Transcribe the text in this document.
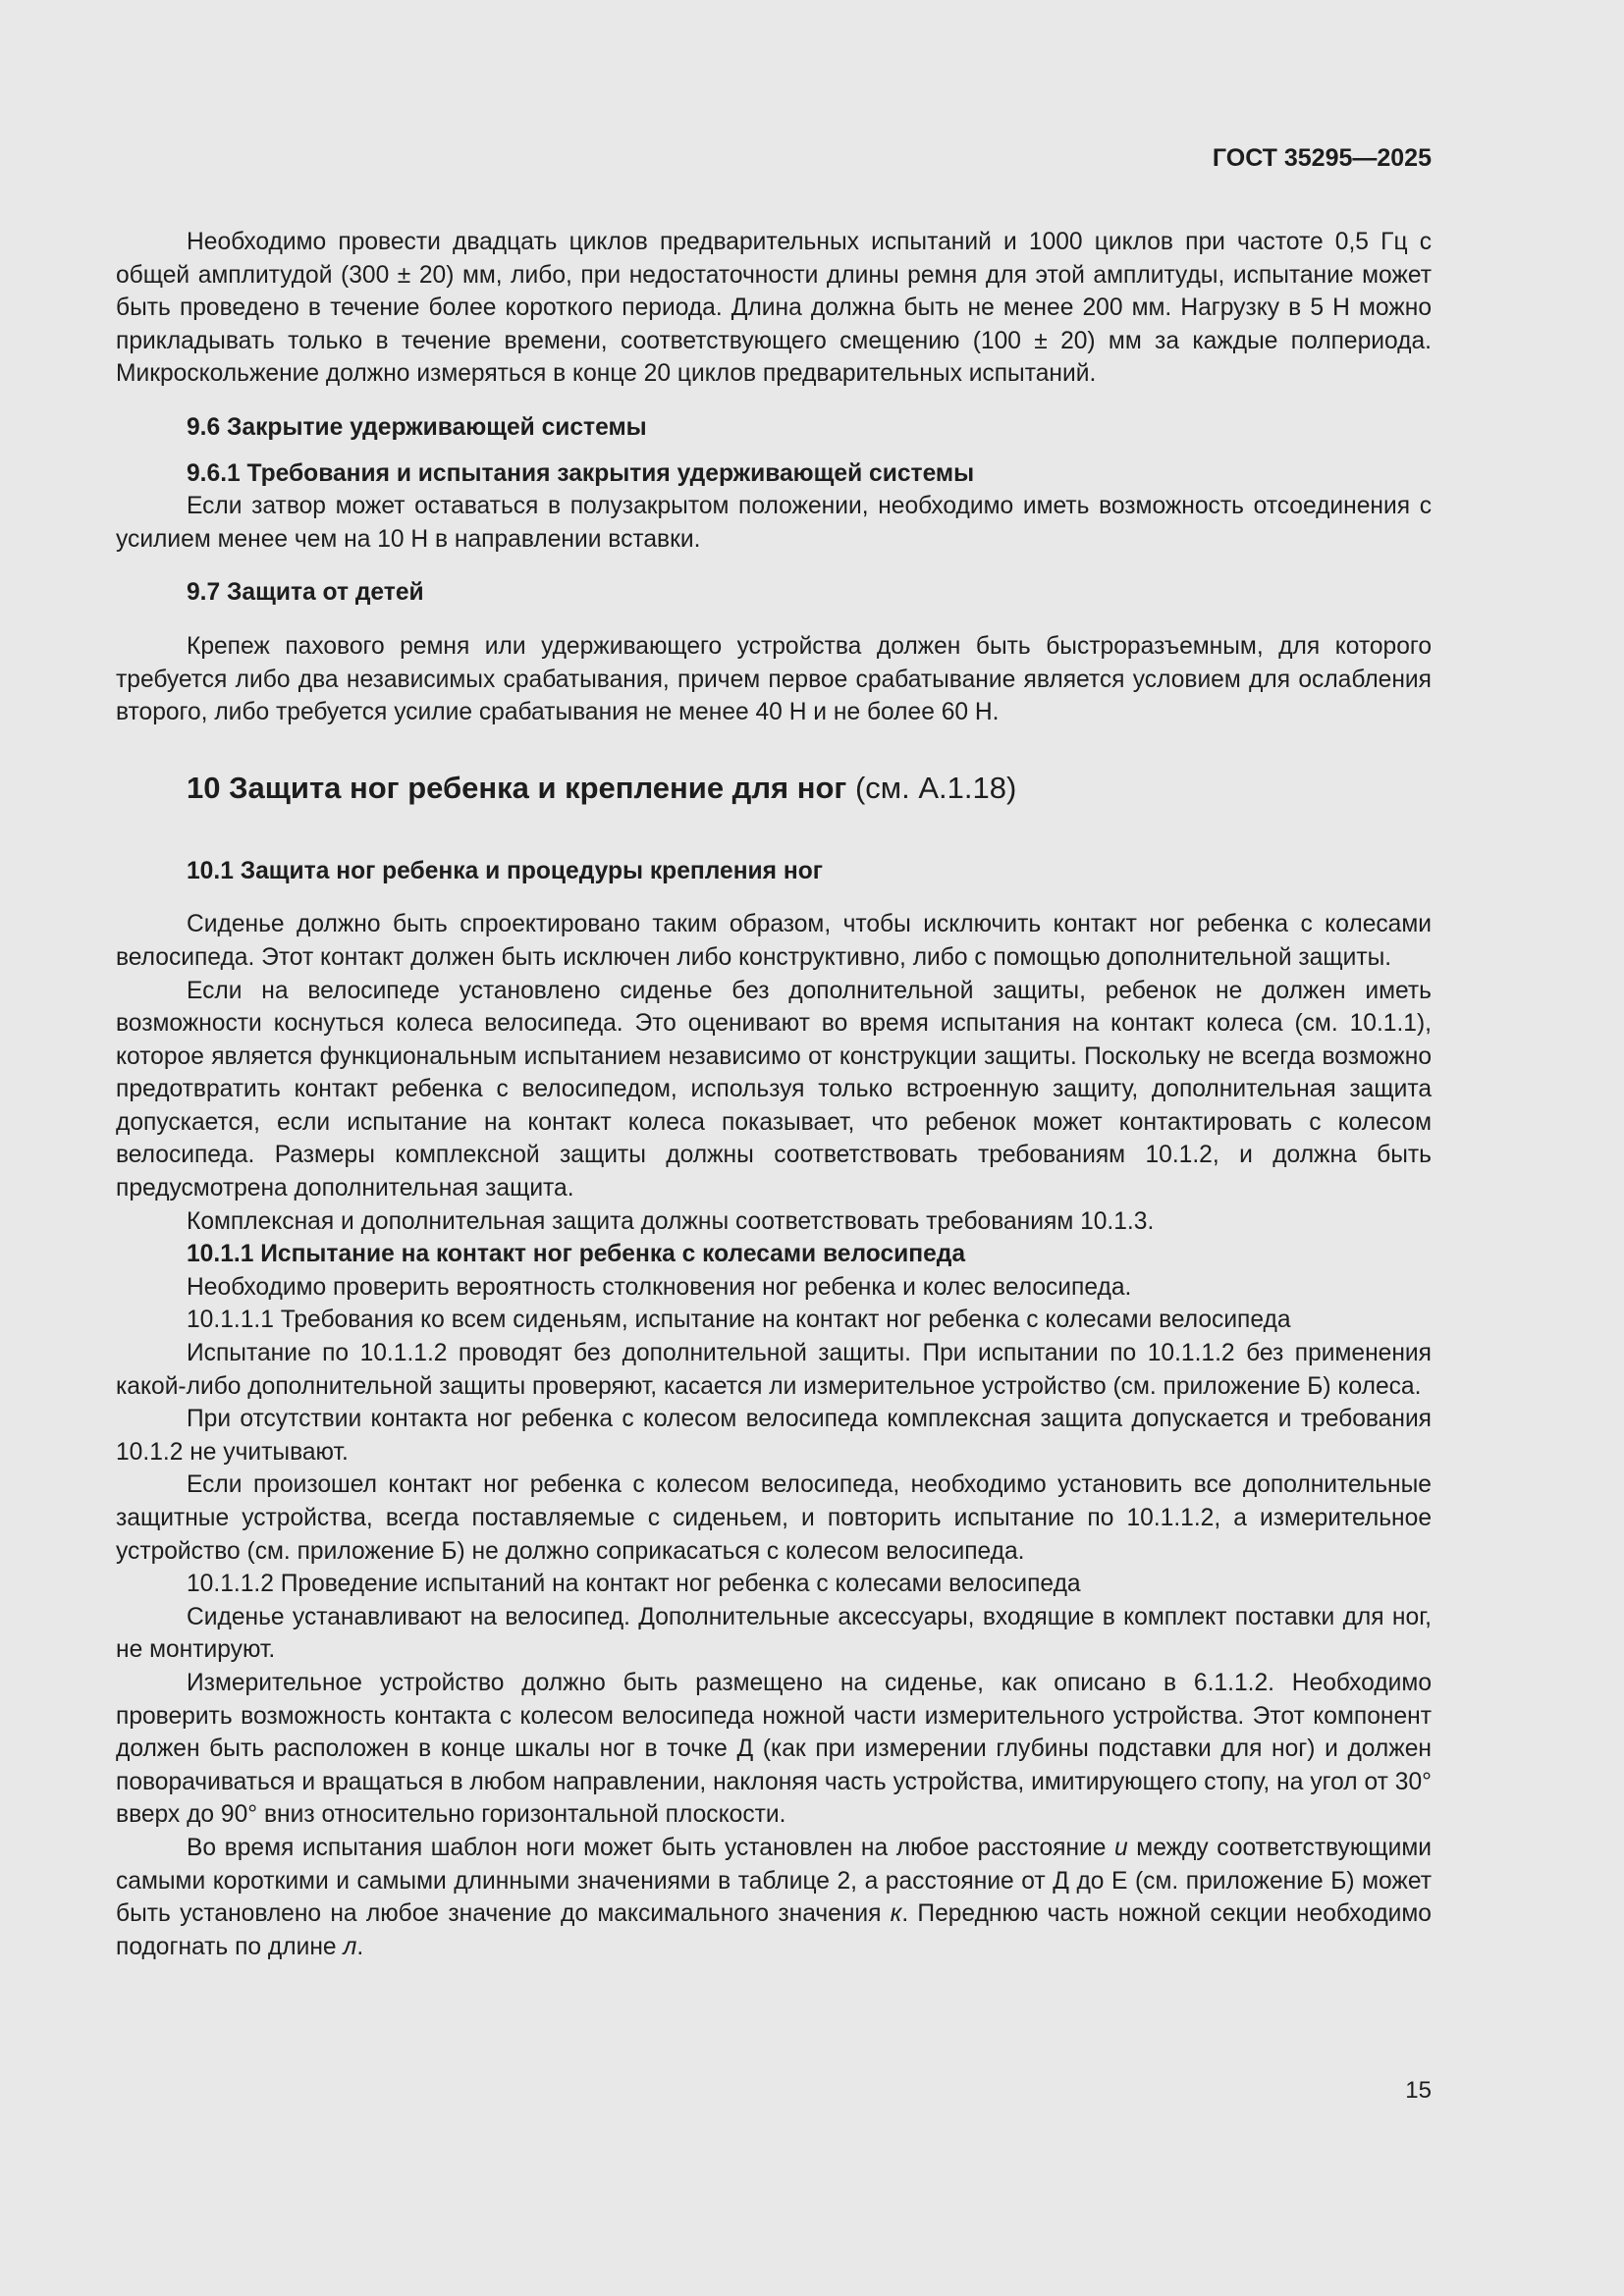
ГОСТ 35295—2025

Необходимо провести двадцать циклов предварительных испытаний и 1000 циклов при частоте 0,5 Гц с общей амплитудой (300 ± 20) мм, либо, при недостаточности длины ремня для этой амплитуды, испытание может быть проведено в течение более короткого периода. Длина должна быть не менее 200 мм. Нагрузку в 5 Н можно прикладывать только в течение времени, соответствующего смещению (100 ± 20) мм за каждые полпериода. Микроскольжение должно измеряться в конце 20 циклов предварительных испытаний.

9.6 Закрытие удерживающей системы

9.6.1 Требования и испытания закрытия удерживающей системы

Если затвор может оставаться в полузакрытом положении, необходимо иметь возможность отсоединения с усилием менее чем на 10 Н в направлении вставки.

9.7 Защита от детей

Крепеж пахового ремня или удерживающего устройства должен быть быстроразъемным, для которого требуется либо два независимых срабатывания, причем первое срабатывание является условием для ослабления второго, либо требуется усилие срабатывания не менее 40 Н и не более 60 Н.

10 Защита ног ребенка и крепление для ног (см. А.1.18)

10.1 Защита ног ребенка и процедуры крепления ног

Сиденье должно быть спроектировано таким образом, чтобы исключить контакт ног ребенка с колесами велосипеда. Этот контакт должен быть исключен либо конструктивно, либо с помощью дополнительной защиты.

Если на велосипеде установлено сиденье без дополнительной защиты, ребенок не должен иметь возможности коснуться колеса велосипеда. Это оценивают во время испытания на контакт колеса (см. 10.1.1), которое является функциональным испытанием независимо от конструкции защиты. Поскольку не всегда возможно предотвратить контакт ребенка с велосипедом, используя только встроенную защиту, дополнительная защита допускается, если испытание на контакт колеса показывает, что ребенок может контактировать с колесом велосипеда. Размеры комплексной защиты должны соответствовать требованиям 10.1.2, и должна быть предусмотрена дополнительная защита.

Комплексная и дополнительная защита должны соответствовать требованиям 10.1.3.

10.1.1 Испытание на контакт ног ребенка с колесами велосипеда

Необходимо проверить вероятность столкновения ног ребенка и колес велосипеда.

10.1.1.1 Требования ко всем сиденьям, испытание на контакт ног ребенка с колесами велосипеда

Испытание по 10.1.1.2 проводят без дополнительной защиты. При испытании по 10.1.1.2 без применения какой-либо дополнительной защиты проверяют, касается ли измерительное устройство (см. приложение Б) колеса.

При отсутствии контакта ног ребенка с колесом велосипеда комплексная защита допускается и требования 10.1.2 не учитывают.

Если произошел контакт ног ребенка с колесом велосипеда, необходимо установить все дополнительные защитные устройства, всегда поставляемые с сиденьем, и повторить испытание по 10.1.1.2, а измерительное устройство (см. приложение Б) не должно соприкасаться с колесом велосипеда.

10.1.1.2 Проведение испытаний на контакт ног ребенка с колесами велосипеда

Сиденье устанавливают на велосипед. Дополнительные аксессуары, входящие в комплект поставки для ног, не монтируют.

Измерительное устройство должно быть размещено на сиденье, как описано в 6.1.1.2. Необходимо проверить возможность контакта с колесом велосипеда ножной части измерительного устройства. Этот компонент должен быть расположен в конце шкалы ног в точке Д (как при измерении глубины подставки для ног) и должен поворачиваться и вращаться в любом направлении, наклоняя часть устройства, имитирующего стопу, на угол от 30° вверх до 90° вниз относительно горизонтальной плоскости.

Во время испытания шаблон ноги может быть установлен на любое расстояние и между соответствующими самыми короткими и самыми длинными значениями в таблице 2, а расстояние от Д до Е (см. приложение Б) может быть установлено на любое значение до максимального значения к. Переднюю часть ножной секции необходимо подогнать по длине л.

15
